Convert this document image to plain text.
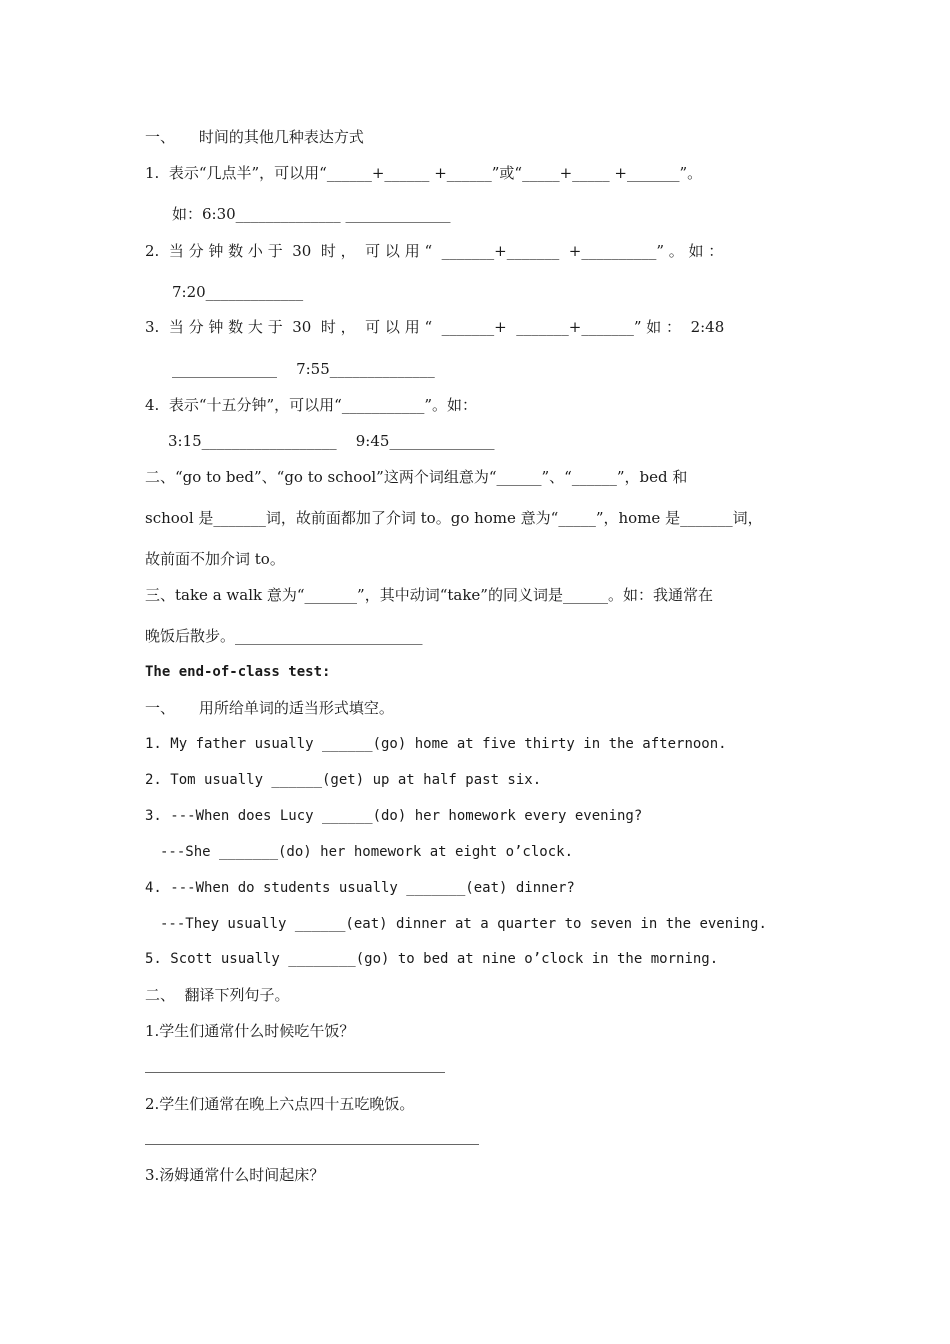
一、     时间的其他几种表达方式
1.  表示“几点半”，可以用“______+______ +______”或“_____+_____ +_______”。
如：6:30______________ ______________
2.  当 分 钟 数 小 于  30  时 ，  可 以 用 “  _______+_______  +__________” 。 如 ：
7:20_____________
3.  当 分 钟 数 大 于  30  时 ，  可 以 用 “  _______+  _______+_______” 如 ：  2:48
______________    7:55______________
4.  表示“十五分钟”，可以用“___________”。如：
3:15__________________    9:45______________
二、“go to bed”、“go to school”这两个词组意为“______”、“______”，bed 和
school 是_______词，故前面都加了介词 to。go home 意为“_____”，home 是_______词，
故前面不加介词 to。
三、take a walk 意为“_______”，其中动词“take”的同义词是______。如：我通常在
晚饭后散步。_________________________
The end-of-class test:
一、     用所给单词的适当形式填空。
1. My father usually ______(go) home at five thirty in the afternoon.
2. Tom usually ______(get) up at half past six.
3. ---When does Lucy ______(do) her homework every evening?
---She _______(do) her homework at eight o’clock.
4. ---When do students usually _______(eat) dinner?
---They usually ______(eat) dinner at a quarter to seven in the evening.
5. Scott usually ________(go) to bed at nine o’clock in the morning.
二、  翻译下列句子。
1.学生们通常什么时候吃午饭？
2.学生们通常在晚上六点四十五吃晚饭。
3.汤姆通常什么时间起床？
